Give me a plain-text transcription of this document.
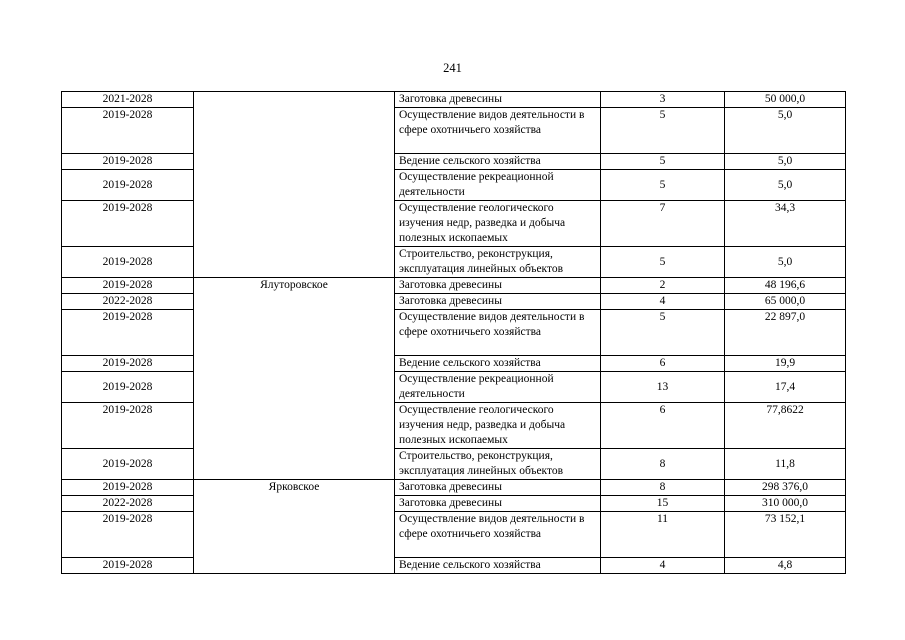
241
2021-2028		Заготовка древесины	3	50 000,0
2019-2028		Осуществление видов деятельности в сфере охотничьего хозяйства	5	5,0
2019-2028		Ведение сельского хозяйства	5	5,0
2019-2028		Осуществление рекреационной деятельности	5	5,0
2019-2028		Осуществление геологического изучения недр, разведка и добыча полезных ископаемых	7	34,3
2019-2028		Строительство, реконструкция, эксплуатация линейных объектов	5	5,0
2019-2028	Ялуторовское	Заготовка древесины	2	48 196,6
2022-2028		Заготовка древесины	4	65 000,0
2019-2028		Осуществление видов деятельности в сфере охотничьего хозяйства	5	22 897,0
2019-2028		Ведение сельского хозяйства	6	19,9
2019-2028		Осуществление рекреационной деятельности	13	17,4
2019-2028		Осуществление геологического изучения недр, разведка и добыча полезных ископаемых	6	77,8622
2019-2028		Строительство, реконструкция, эксплуатация линейных объектов	8	11,8
2019-2028	Ярковское	Заготовка древесины	8	298 376,0
2022-2028		Заготовка древесины	15	310 000,0
2019-2028		Осуществление видов деятельности в сфере охотничьего хозяйства	11	73 152,1
2019-2028		Ведение сельского хозяйства	4	4,8
